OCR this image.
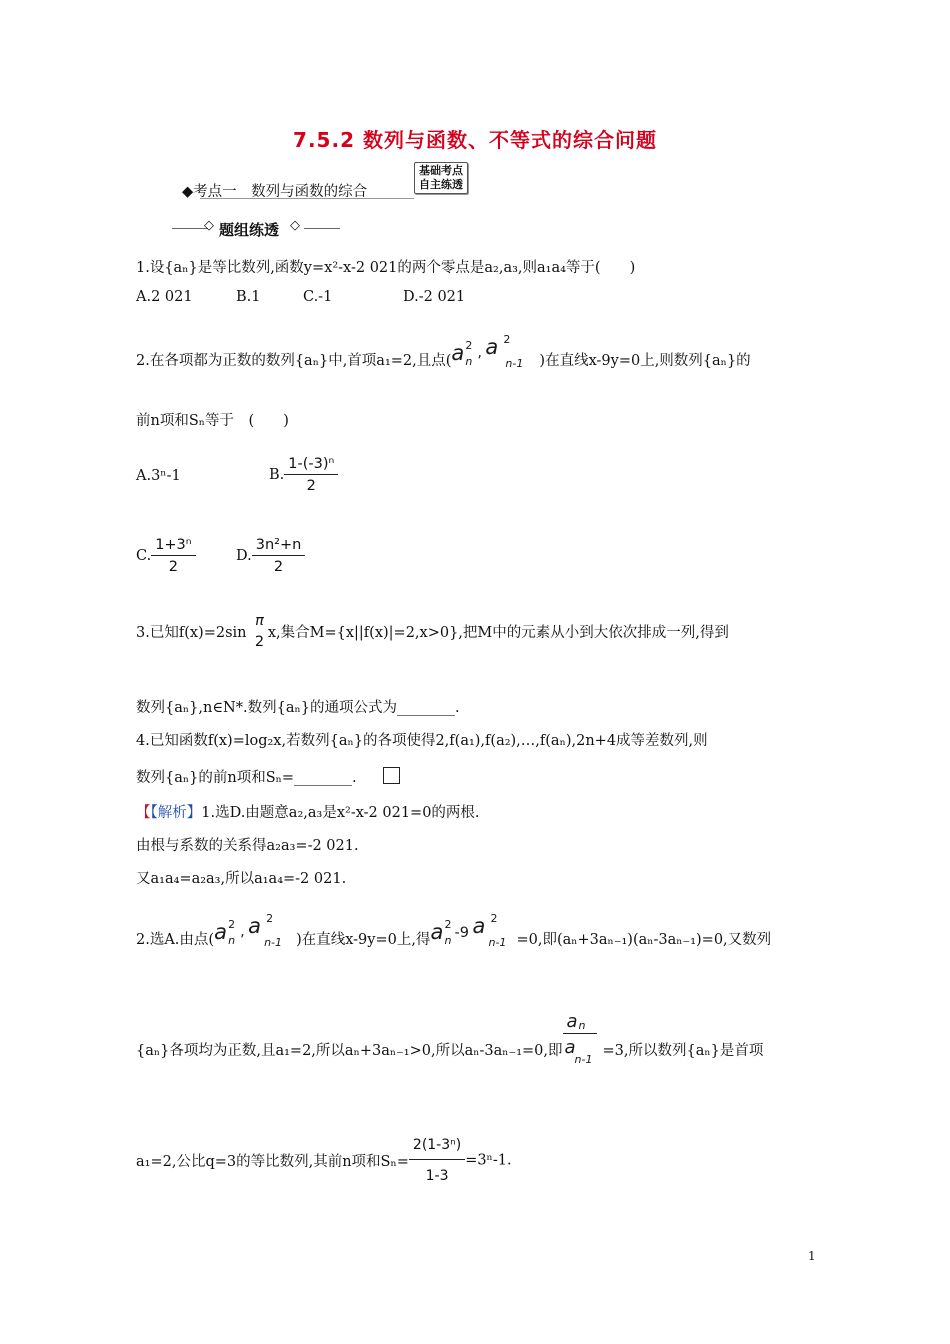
7.5.2 数列与函数、不等式的综合问题
◆考点一　数列与函数的综合
基础考点
自主练透
◇ 题组练透 ◇
1.设{aₙ}是等比数列,函数y=x²-x-2 021的两个零点是a₂,a₃,则a₁a₄等于(　　)
A.2 021	B.1	C.-1	D.-2 021
2.在各项都为正数的数列{aₙ}中,首项a₁=2,且点( a 2
n
, a 2
n-1 )在直线x-9y=0上,则数列{aₙ}的
前n项和Sₙ等于　(　　)
A.3ⁿ-1	B. $\frac{\text{1-(-3)ⁿ}}{2}$
C. $\frac{\text{1+3ⁿ}}{2}$	D. $\frac{\text{3n²+n}}{2}$
3.已知f(x)=2sin
π
2
x,集合M={x||f(x)|=2,x>0},把M中的元素从小到大依次排成一列,得到
数列{aₙ},n∈N*.数列{aₙ}的通项公式为________.
4.已知函数f(x)=log₂x,若数列{aₙ}的各项使得2,f(a₁),f(a₂),…,f(aₙ),2n+4成等差数列,则
数列{aₙ}的前n项和Sₙ=________.
【【解析】1.选D.由题意a₂,a₃是x²-x-2 021=0的两根.
由根与系数的关系得a₂a₃=-2 021.
又a₁a₄=a₂a₃,所以a₁a₄=-2 021.
2.选A.由点( a 2
n
, a 2
n-1 )在直线x-9y=0上,得 a 2
n -9 a 2
n-1 =0,即(aₙ+3aₙ₋₁)(aₙ-3aₙ₋₁)=0,又数列
{aₙ}各项均为正数,且a₁=2,所以aₙ+3aₙ₋₁>0,所以aₙ-3aₙ₋₁=0,即
a n
a
n-1
=3,所以数列{aₙ}是首项
a₁=2,公比q=3的等比数列,其前n项和$S_n= \frac{\text{2(1-3ⁿ)}}{1-3} =3^n-1$.
1
